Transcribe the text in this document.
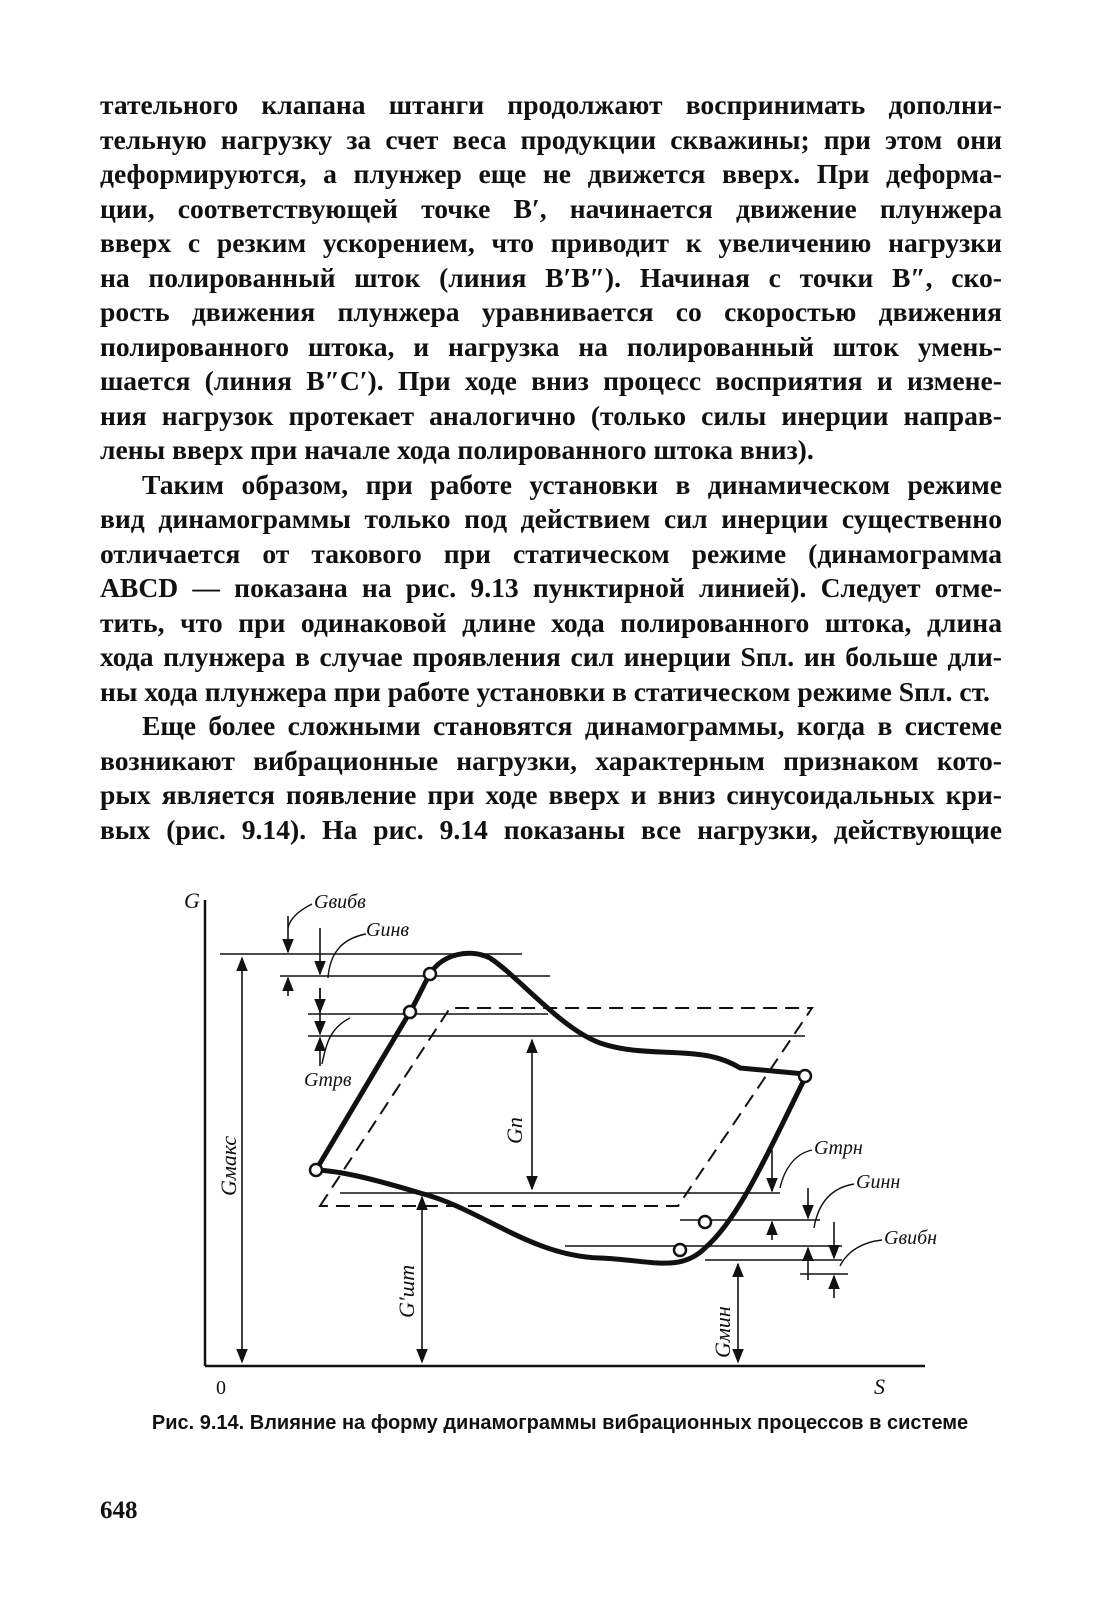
тательного клапана штанги продолжают воспринимать дополни-

тельную нагрузку за счет веса продукции скважины; при этом они

деформируются, а плунжер еще не движется вверх. При деформа-

ции, соответствующей точке B′, начинается движение плунжера

вверх с резким ускорением, что приводит к увеличению нагрузки

на полированный шток (линия B′B″). Начиная с точки B″, ско-

рость движения плунжера уравнивается со скоростью движения

полированного штока, и нагрузка на полированный шток умень-

шается (линия B″C′). При ходе вниз процесс восприятия и измене-

ния нагрузок протекает аналогично (только силы инерции направ-

лены вверх при начале хода полированного штока вниз).

Таким образом, при работе установки в динамическом режиме

вид динамограммы только под действием сил инерции существенно

отличается от такового при статическом режиме (динамограмма

ABCD — показана на рис. 9.13 пунктирной линией). Следует отме-

тить, что при одинаковой длине хода полированного штока, длина

хода плунжера в случае проявления сил инерции Sпл. ин больше дли-

ны хода плунжера при работе установки в статическом режиме Sпл. ст.

Еще более сложными становятся динамограммы, когда в системе

возникают вибрационные нагрузки, характерным признаком кото-

рых является появление при ходе вверх и вниз синусоидальных кри-

вых (рис. 9.14). На рис. 9.14 показаны все нагрузки, действующие

G
0	S
Gвибв
Gинв
Gтрв
Gмакс
Gп
G′шт
Gмин
Gтрн
Gинн
Gвибн
Рис. 9.14. Влияние на форму динамограммы вибрационных процессов в системе
648
